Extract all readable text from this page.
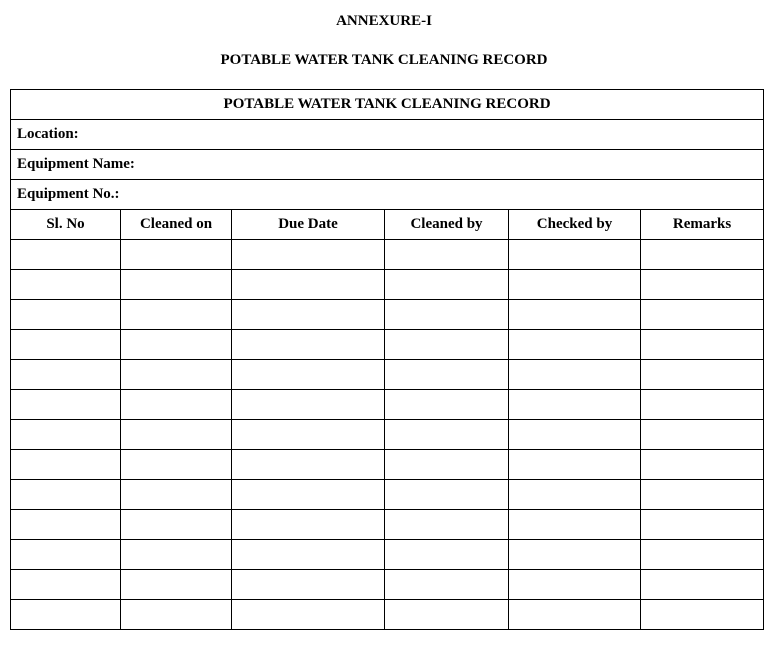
ANNEXURE-I
POTABLE WATER TANK CLEANING RECORD
POTABLE WATER TANK CLEANING RECORD					
Location:					
Equipment Name:					
Equipment No.:					
Sl. No	Cleaned on	Due Date	Cleaned by	Checked by	Remarks
